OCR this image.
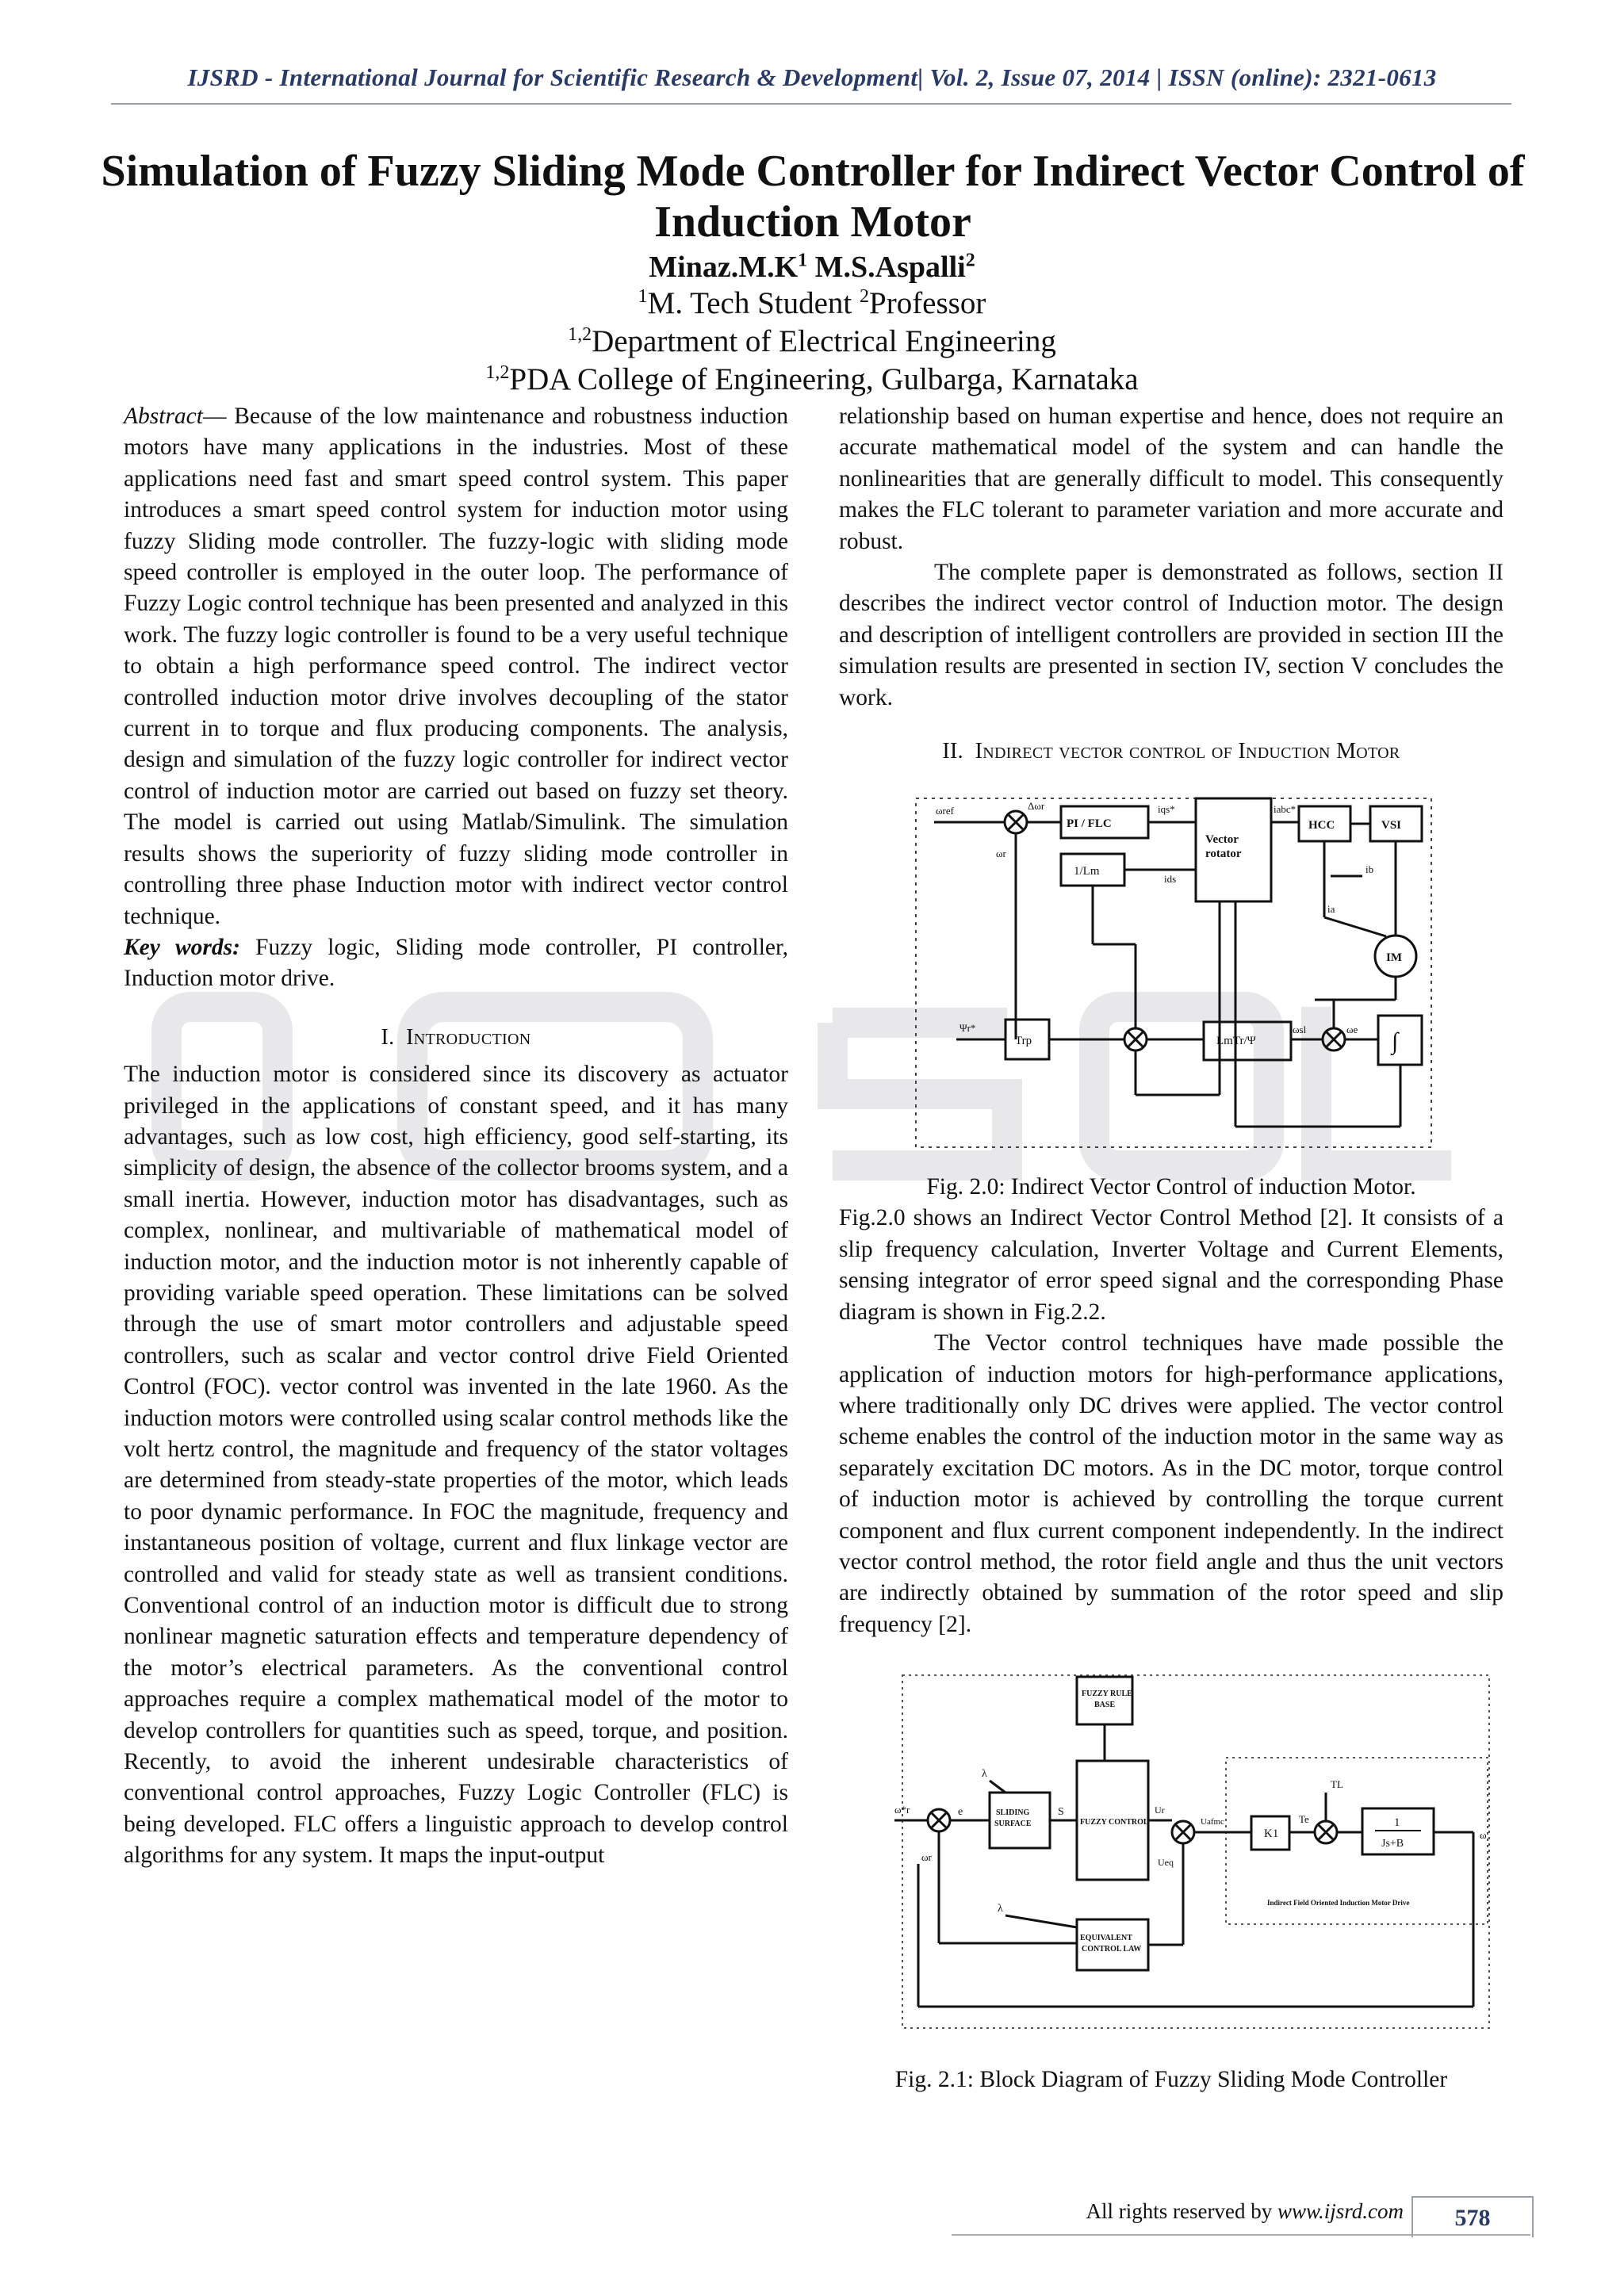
IJSRD - International Journal for Scientific Research & Development| Vol. 2, Issue 07, 2014 | ISSN (online): 2321-0613
Simulation of Fuzzy Sliding Mode Controller for Indirect Vector Control of Induction Motor
$Minaz.M.K^1$ M.S.Aspalli$^2$
$^1$M. Tech Student $^2$Professor
$^{1,2}$Department of Electrical Engineering
$^{1,2}$PDA College of Engineering, Gulbarga, Karnataka

Abstract— Because of the low maintenance and robustness induction motors have many applications in the industries. Most of these applications need fast and smart speed control system. This paper introduces a smart speed control system for induction motor using fuzzy Sliding mode controller. The fuzzy-logic with sliding mode speed controller is employed in the outer loop. The performance of Fuzzy Logic control technique has been presented and analyzed in this work. The fuzzy logic controller is found to be a very useful technique to obtain a high performance speed control. The indirect vector controlled induction motor drive involves decoupling of the stator current in to torque and flux producing components. The analysis, design and simulation of the fuzzy logic controller for indirect vector control of induction motor are carried out based on fuzzy set theory. The model is carried out using Matlab/Simulink. The simulation results shows the superiority of fuzzy sliding mode controller in controlling three phase Induction motor with indirect vector control technique.

Key words: Fuzzy logic, Sliding mode controller, PI controller, Induction motor drive.

I. Introduction

The induction motor is considered since its discovery as actuator privileged in the applications of constant speed, and it has many advantages, such as low cost, high efficiency, good self-starting, its simplicity of design, the absence of the collector brooms system, and a small inertia. However, induction motor has disadvantages, such as complex, nonlinear, and multivariable of mathematical model of induction motor, and the induction motor is not inherently capable of providing variable speed operation. These limitations can be solved through the use of smart motor controllers and adjustable speed controllers, such as scalar and vector control drive Field Oriented Control (FOC). vector control was invented in the late 1960. As the induction motors were controlled using scalar control methods like the volt hertz control, the magnitude and frequency of the stator voltages are determined from steady-state properties of the motor, which leads to poor dynamic performance. In FOC the magnitude, frequency and instantaneous position of voltage, current and flux linkage vector are controlled and valid for steady state as well as transient conditions. Conventional control of an induction motor is difficult due to strong nonlinear magnetic saturation effects and temperature dependency of the motor’s electrical parameters. As the conventional control approaches require a complex mathematical model of the motor to develop controllers for quantities such as speed, torque, and position. Recently, to avoid the inherent undesirable characteristics of conventional control approaches, Fuzzy Logic Controller (FLC) is being developed. FLC offers a linguistic approach to develop control algorithms for any system. It maps the input-output

relationship based on human expertise and hence, does not require an accurate mathematical model of the system and can handle the nonlinearities that are generally difficult to model. This consequently makes the FLC tolerant to parameter variation and more accurate and robust.

The complete paper is demonstrated as follows, section II describes the indirect vector control of Induction motor. The design and description of intelligent controllers are provided in section III the simulation results are presented in section IV, section V concludes the work.

II. Indirect vector control of Induction Motor

PI / FLC
Vector
rotator
HCC	VSI
1/Lm
IM
Trp	LmTr/Ψ	∫
ωref	Δωr
ωr
iqs*
ids
iabc*
ib
ia
Ψr*	ωsl	ωe

Fig. 2.0: Indirect Vector Control of induction Motor.

Fig.2.0 shows an Indirect Vector Control Method [2]. It consists of a slip frequency calculation, Inverter Voltage and Current Elements, sensing integrator of error speed signal and the corresponding Phase diagram is shown in Fig.2.2.

The Vector control techniques have made possible the application of induction motors for high-performance applications, where traditionally only DC drives were applied. The vector control scheme enables the control of the induction motor in the same way as separately excitation DC motors. As in the DC motor, torque control of induction motor is achieved by controlling the torque current component and flux current component independently. In the indirect vector control method, the rotor field angle and thus the unit vectors are indirectly obtained by summation of the rotor speed and slip frequency [2].

FUZZY RULE
BASE
SLIDING
SURFACE	FUZZY CONTROL
K1
1
Js+B
EQUIVALENT
CONTROL LAW
Indirect Field Oriented Induction Motor Drive
λ
λ
S
e	Ur
Ueq
Uafmc
TL
Te
ω
ω*r
ωr

Fig. 2.1: Block Diagram of Fuzzy Sliding Mode Controller

All rights reserved by www.ijsrd.com	578
